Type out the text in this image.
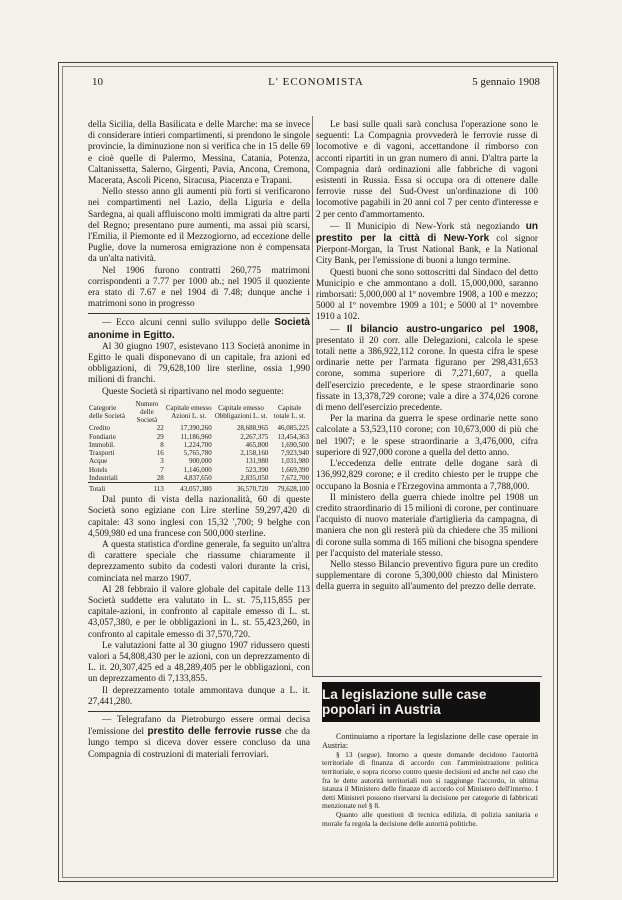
10	L' ECONOMISTA	5 gennaio 1908

della Sicilia, della Basilicata e delle Marche: ma se invece di considerare intieri compartimenti, si prendono le singole provincie, la diminuzione non si verifica che in 15 delle 69 e cioè quelle di Palermo, Messina, Catania, Potenza, Caltanissetta, Salerno, Girgenti, Pavia, Ancona, Cremona, Macerata, Ascoli Piceno, Siracusa, Piacenza e Trapani.

Nello stesso anno gli aumenti più forti si verificarono nei compartimenti nel Lazio, della Liguria e della Sardegna, ai quali affluiscono molti immigrati da altre parti del Regno; presentano pure aumenti, ma assai più scarsi, l'Emilia, il Piemonte ed il Mezzogiorno, ad eccezione delle Puglie, dove la numerosa emigrazione non è compensata da un'alta natività.

Nel 1906 furono contratti 260,775 matrimoni corrispondenti a 7.77 per 1000 ab.; nel 1905 il quoziente era stato di 7.67 e nel 1904 di 7.48; dunque anche i matrimoni sono in progresso

— Ecco alcuni cenni sullo sviluppo delle Società anonime in Egitto.

Al 30 giugno 1907, esistevano 113 Società anonime in Egitto le quali disponevano di un capitale, fra azioni ed obbligazioni, di 79,628,100 lire sterline, ossia 1,990 milioni di franchi.

Queste Società si ripartivano nel modo seguente:

Categorie delle Società	Numero delle Società	Capitale emesso Azioni L. st.	Capitale emesso Obbligazioni L. st.	Capitale totale L. st.
Credito	22	17,390,260	28,688,965	46,085,225
Fondiarie	29	11,186,960	2,267,375	13,454,363
Immobil.	8	1,224,700	465,800	1,690,500
Trasporti	16	5,765,780	2,158,160	7,923,940
Acque	3	900,000	131,980	1,031,980
Hotels	7	1,146,000	523,390	1,669,390
Industriali	28	4,837,650	2,835,050	7,672,700
Totali	113	43,057,380	36,570,720	79,628,100

Dal punto di vista della nazionalità, 60 di queste Società sono egiziane con Lire sterline 59,297,420 di capitale: 43 sono inglesi con 15,32 ',700; 9 belghe con 4,509,980 ed una francese con 500,000 sterline.

A questa statistica d'ordine generale, fa seguito un'altra di carattere speciale che riassume chiaramente il deprezzamento subito da codesti valori durante la crisi, cominciata nel marzo 1907.

Al 28 febbraio il valore globale del capitale delle 113 Società suddette era valutato in L. st. 75,115,855 per capitale-azioni, in confronto al capitale emesso di L. st. 43,057,380, e per le obbligazioni in L. st. 55,423,260, in confronto al capitale emesso di 37,570,720.

Le valutazioni fatte al 30 giugno 1907 ridussero questi valori a 54,808,430 per le azioni, con un deprezzamento di L. it. 20,307,425 ed a 48,289,405 per le obbligazioni, con un deprezzamento di 7,133,855.

Il deprezzamento totale ammontava dunque a L. it. 27,441,280.

— Telegrafano da Pietroburgo essere ormai decisa l'emissione del prestito delle ferrovie russe che da lungo tempo si diceva dover essere concluso da una Compagnia di costruzioni di materiali ferroviari.

Le basi sulle quali sarà conclusa l'operazione sono le seguenti: La Compagnia provvederà le ferrovie russe di locomotive e di vagoni, accettandone il rimborso con acconti ripartiti in un gran numero di anni. D'altra parte la Compagnia darà ordinazioni alle fabbriche di vagoni esistenti in Russia. Essa si occupa ora di ottenere dalle ferrovie russe del Sud-Ovest un'ordinazione di 100 locomotive pagabili in 20 anni col 7 per cento d'interesse e 2 per cento d'ammortamento.

— Il Municipio di New-York stà negoziando un prestito per la città di New-York col signor Pierpont-Morgan, la Trust National Bank, e la National City Bank, per l'emissione di buoni a lungo termine.

Questi buoni che sono sottoscritti dal Sindaco del detto Municipio e che ammontano a doll. 15,000,000, saranno rimborsati: 5,000,000 al 1º novembre 1908, a 100 e mezzo; 5000 al 1º novembre 1909 a 101; e 5000 al 1º novembre 1910 a 102.

— Il bilancio austro-ungarico pel 1908, presentato il 20 corr. alle Delegazioni, calcola le spese totali nette a 386,922,112 corone. In questa cifra le spese ordinarie nette per l'armata figurano per 298,431,653 corone, somma superiore di 7,271,607, a quella dell'esercizio precedente, e le spese straordinarie sono fissate in 13,378,729 corone; vale a dire a 374,026 corone di meno dell'esercizio precedente.

Per la marina da guerra le spese ordinarie nette sono calcolate a 53,523,110 corone; con 10,673,000 di più che nel 1907; e le spese straordinarie a 3,476,000, cifra superiore di 927,000 corone a quella del detto anno.

L'eccedenza delle entrate delle dogane sarà di 136,992,829 corone; e il credito chiesto per le truppe che occupano la Bosnia e l'Erzegovina ammonta a 7,788,000.

Il ministero della guerra chiede inoltre pel 1908 un credito straordinario di 15 milioni di corone, per continuare l'acquisto di nuovo materiale d'artiglieria da campagna, di maniera che non gli resterà più da chiedere che 35 milioni di corone sulla somma di 165 milioni che bisogna spendere per l'acquisto del materiale stesso.

Nello stesso Bilancio preventivo figura pure un credito supplementare di corone 5,300,000 chiesto dal Ministero della guerra in seguito all'aumento del prezzo delle derrate.

La legislazione sulle case popolari in Austria

Continuiamo a riportare la legislazione delle case operaie in Austria:

§ 13 (segue). Intorno a queste domande decidono l'autorità territoriale di finanza di accordo con l'amministrazione politica territoriale, e sopra ricorso contro queste decisioni ed anche nel caso che fra le dette autorità territoriali non si raggiunge l'accordo, in ultima istanza il Ministero delle finanze di accordo col Ministero dell'interno. I detti Ministeri possono riservarsi la decisione per categorie di fabbricati menzionate nel § 8.

Quanto alle questioni di tecnica edilizia, di polizia sanitaria e morale fa regola la decisione delle autorità politiche.
